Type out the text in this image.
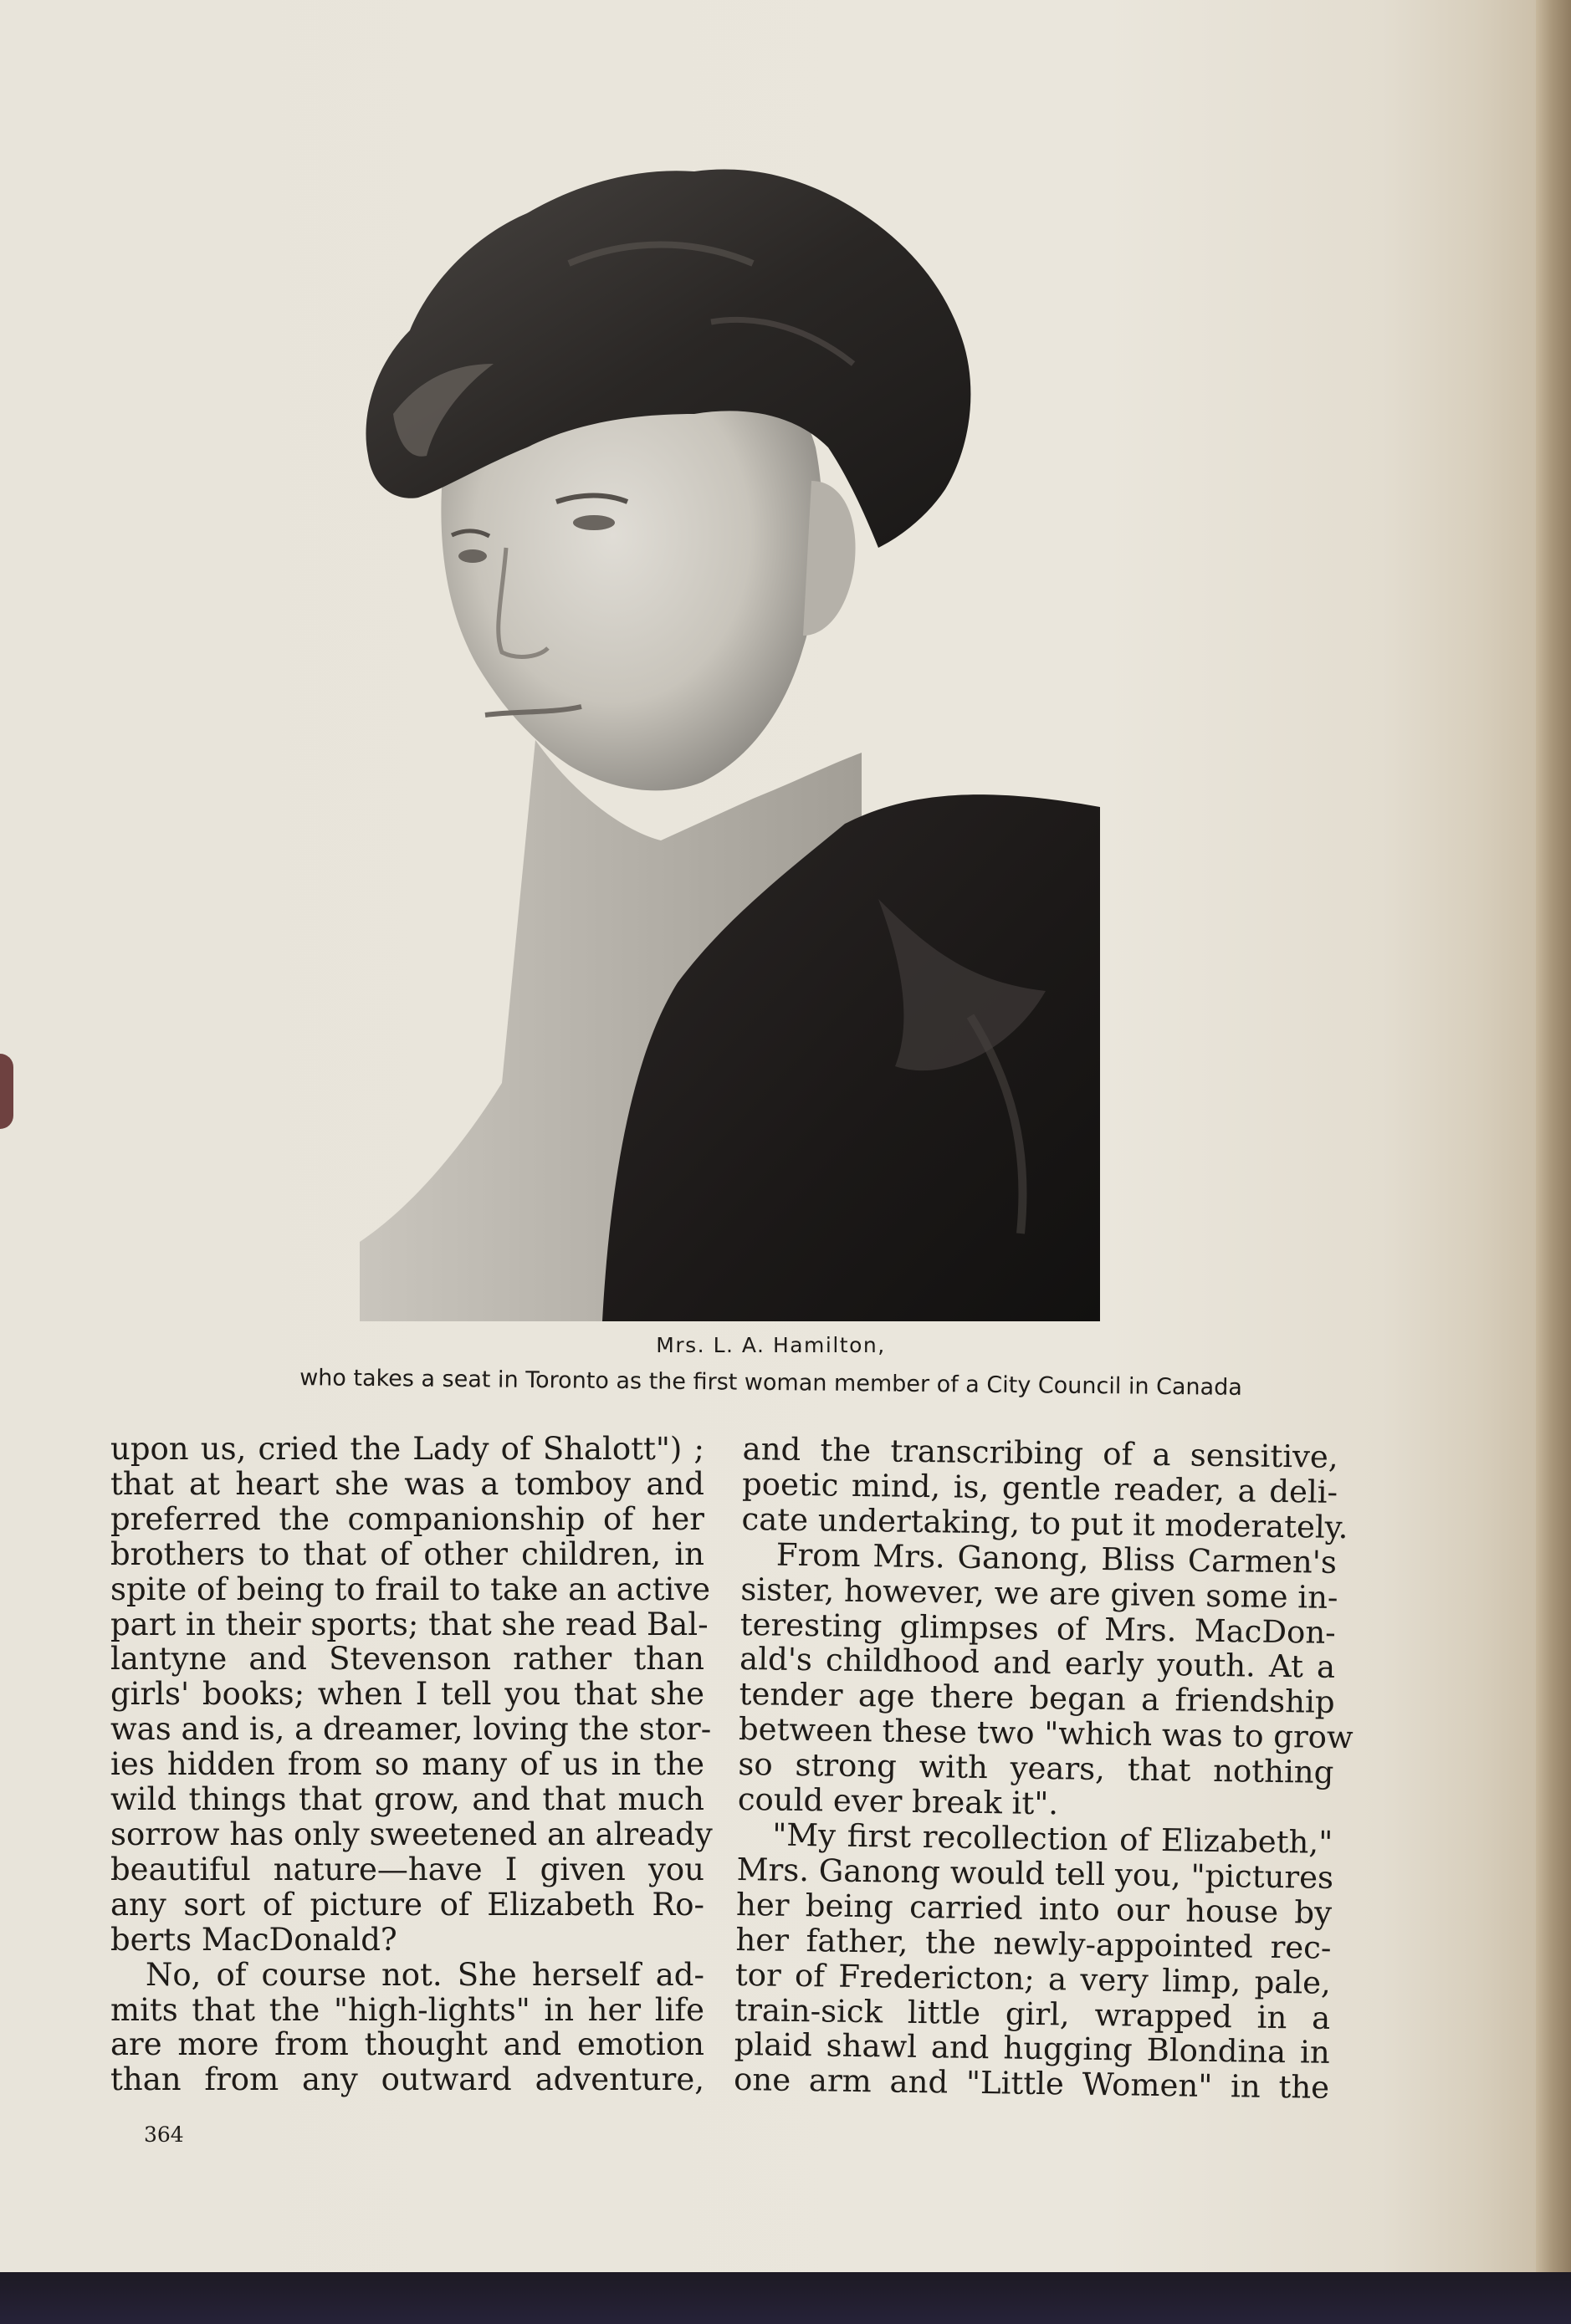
Mrs. L. A. Hamilton,
who takes a seat in Toronto as the first woman member of a City Council in Canada
upon us, cried the Lady of Shalott") ;
that at heart she was a tomboy and
preferred the companionship of her
brothers to that of other children, in
spite of being to frail to take an active
part in their sports; that she read Bal-
lantyne and Stevenson rather than
girls' books; when I tell you that she
was and is, a dreamer, loving the stor-
ies hidden from so many of us in the
wild things that grow, and that much
sorrow has only sweetened an already
beautiful nature—have I given you
any sort of picture of Elizabeth Ro-
berts MacDonald?
No, of course not. She herself ad-
mits that the "high-lights" in her life
are more from thought and emotion
than from any outward adventure,
and the transcribing of a sensitive,
poetic mind, is, gentle reader, a deli-
cate undertaking, to put it moderately.
From Mrs. Ganong, Bliss Carmen's
sister, however, we are given some in-
teresting glimpses of Mrs. MacDon-
ald's childhood and early youth. At a
tender age there began a friendship
between these two "which was to grow
so strong with years, that nothing
could ever break it".
"My first recollection of Elizabeth,"
Mrs. Ganong would tell you, "pictures
her being carried into our house by
her father, the newly-appointed rec-
tor of Fredericton; a very limp, pale,
train-sick little girl, wrapped in a
plaid shawl and hugging Blondina in
one arm and "Little Women" in the
364
